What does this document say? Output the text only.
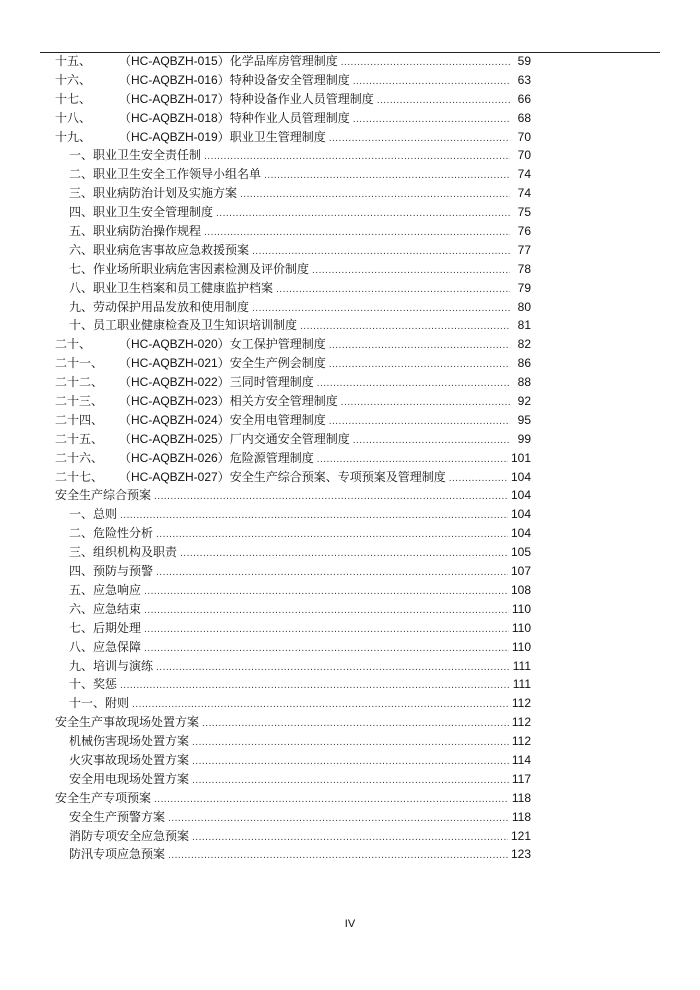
十五、	（HC-AQBZH-015） 化学品库房管理制度 .....	59
十六、	（HC-AQBZH-016） 特种设备安全管理制度 .....	63
十七、	（HC-AQBZH-017） 特种设备作业人员管理制度 .....	66
十八、	（HC-AQBZH-018） 特种作业人员管理制度 .....	68
十九、	（HC-AQBZH-019） 职业卫生管理制度 .....	70
一、职业卫生安全责任制 .....	70
二、职业卫生安全工作领导小组名单 .....	74
三、职业病防治计划及实施方案 .....	74
四、职业卫生安全管理制度 .....	75
五、职业病防治操作规程 .....	76
六、职业病危害事故应急救援预案 .....	77
七、作业场所职业病危害因素检测及评价制度 .....	78
八、职业卫生档案和员工健康监护档案 .....	79
九、劳动保护用品发放和使用制度 .....	80
十、员工职业健康检查及卫生知识培训制度 .....	81
二十、	（HC-AQBZH-020） 女工保护管理制度 .....	82
二十一、	（HC-AQBZH-021） 安全生产例会制度 .....	86
二十二、	（HC-AQBZH-022） 三同时管理制度 .....	88
二十三、	（HC-AQBZH-023） 相关方安全管理制度 .....	92
二十四、	（HC-AQBZH-024） 安全用电管理制度 .....	95
二十五、	（HC-AQBZH-025） 厂内交通安全管理制度 .....	99
二十六、	（HC-AQBZH-026） 危险源管理制度 .....	101
二十七、	（HC-AQBZH-027） 安全生产综合预案、专项预案及管理制度 .....	104
安全生产综合预案 .....	104
一、总则 .....	104
二、危险性分析 .....	104
三、组织机构及职责 .....	105
四、预防与预警 .....	107
五、应急响应 .....	108
六、应急结束 .....	110
七、后期处理 .....	110
八、应急保障 .....	110
九、培训与演练 .....	111
十、奖惩 .....	111
十一、附则 .....	112
安全生产事故现场处置方案 .....	112
机械伤害现场处置方案 .....	112
火灾事故现场处置方案 .....	114
安全用电现场处置方案 .....	117
安全生产专项预案 .....	118
安全生产预警方案 .....	118
消防专项安全应急预案 .....	121
防汛专项应急预案 .....	123
IV
